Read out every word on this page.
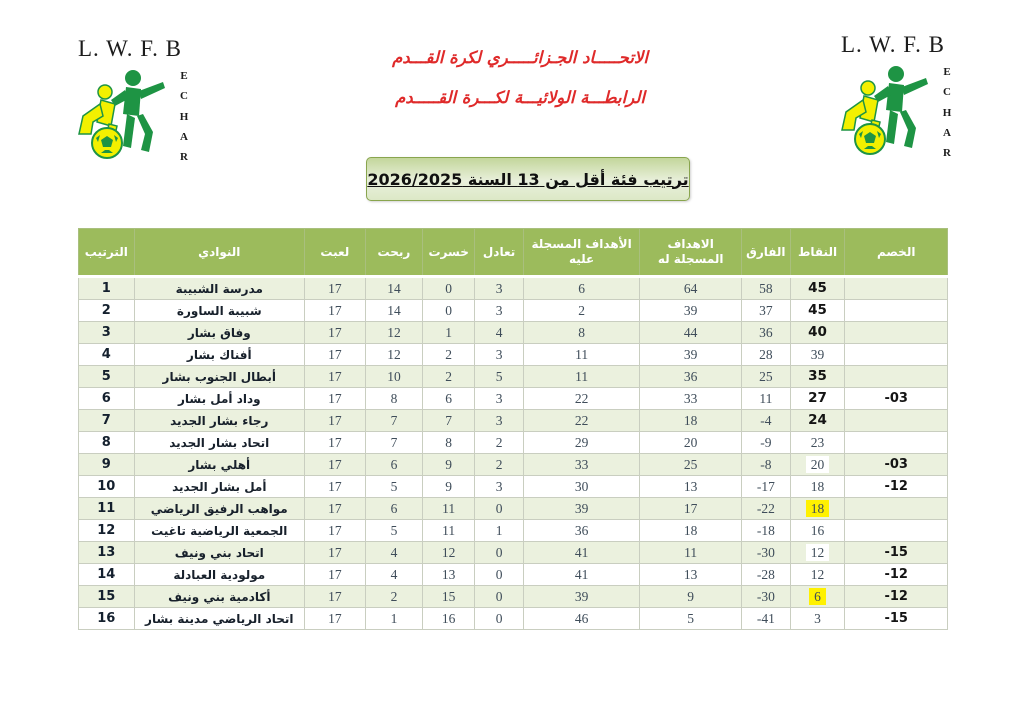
L. W. F. B
E C H A R
L. W. F. B
E C H A R
الاتحـــــاد الجـزائـــــري لكرة القـــدم
الرابطـــة الولائيـــة لكـــرة القـــــدم
ترتيب فئة أقل من 13 السنة 2026/2025
الترتيب	النوادي	لعبت	ربحت	خسرت	تعادل	الأهداف المسجلة عليه	الاهداف المسجلة له	الفارق	النقاط	الخصم
1	مدرسة الشبيبة	17	14	0	3	6	64	58	45	
2	شبيبة الساورة	17	14	0	3	2	39	37	45	
3	وفاق بشار	17	12	1	4	8	44	36	40	
4	أفناك بشار	17	12	2	3	11	39	28	39	
5	أبطال الجنوب بشار	17	10	2	5	11	36	25	35	
6	وداد أمل بشار	17	8	6	3	22	33	11	27	-03
7	رجاء بشار الجديد	17	7	7	3	22	18	-4	24	
8	اتحاد بشار الجديد	17	7	8	2	29	20	-9	23	
9	أهلي بشار	17	6	9	2	33	25	-8	20	-03
10	أمل بشار الجديد	17	5	9	3	30	13	-17	18	-12
11	مواهب الرفيق الرياضي	17	6	11	0	39	17	-22	18	
12	الجمعية الرياضية تاغيت	17	5	11	1	36	18	-18	16	
13	اتحاد بني ونيف	17	4	12	0	41	11	-30	12	-15
14	مولودية العبادلة	17	4	13	0	41	13	-28	12	-12
15	أكادمية بني ونيف	17	2	15	0	39	9	-30	6	-12
16	اتحاد الرياضي مدينة بشار	17	1	16	0	46	5	-41	3	-15
